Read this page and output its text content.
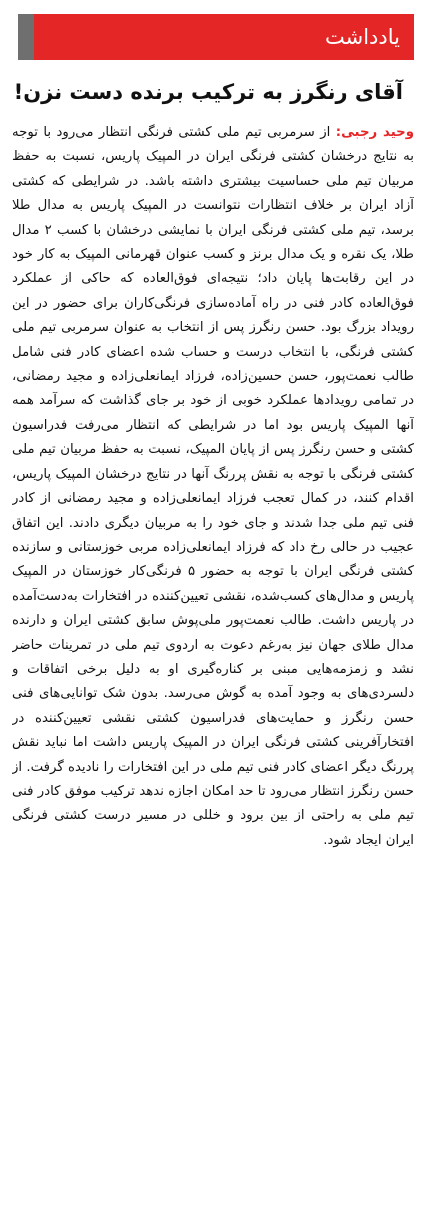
یادداشت
آقای رنگرز به ترکیب برنده دست نزن!
وحید رجبی: از سرمربی تیم ملی کشتی فرنگی انتظار می‌رود با توجه به نتایج درخشان کشتی فرنگی ایران در المپیک پاریس، نسبت به حفظ مربیان تیم ملی حساسیت بیشتری داشته باشد. در شرایطی که کشتی آزاد ایران بر خلاف انتظارات نتوانست در المپیک پاریس به مدال طلا برسد، تیم ملی کشتی فرنگی ایران با نمایشی درخشان با کسب ۲ مدال طلا، یک نقره و یک مدال برنز و کسب عنوان قهرمانی المپیک به کار خود در این رقابت‌ها پایان داد؛ نتیجه‌ای فوق‌العاده که حاکی از عملکرد فوق‌العاده کادر فنی در راه آماده‌سازی فرنگی‌کاران برای حضور در این رویداد بزرگ بود. حسن رنگرز پس از انتخاب به عنوان سرمربی تیم ملی کشتی فرنگی، با انتخاب درست و حساب شده اعضای کادر فنی شامل طالب نعمت‌پور، حسن حسین‌زاده، فرزاد ایمانعلی‌زاده و مجید رمضانی، در تمامی رویدادها عملکرد خوبی از خود بر جای گذاشت که سرآمد همه آنها المپیک پاریس بود اما در شرایطی که انتظار می‌رفت فدراسیون کشتی و حسن رنگرز پس از پایان المپیک، نسبت به حفظ مربیان تیم ملی کشتی فرنگی با توجه به نقش پررنگ آنها در نتایج درخشان المپیک پاریس، اقدام کنند، در کمال تعجب فرزاد ایمانعلی‌زاده و مجید رمضانی از کادر فنی تیم ملی جدا شدند و جای خود را به مربیان دیگری دادند. این اتفاق عجیب در حالی رخ داد که فرزاد ایمانعلی‌زاده مربی خوزستانی و سازنده کشتی فرنگی ایران با توجه به حضور ۵ فرنگی‌کار خوزستان در المپیک پاریس و مدال‌های کسب‌شده، نقشی تعیین‌کننده در افتخارات به‌دست‌آمده در پاریس داشت. طالب نعمت‌پور ملی‌پوش سابق کشتی ایران و دارنده مدال طلای جهان نیز به‌رغم دعوت به اردوی تیم ملی در تمرینات حاضر نشد و زمزمه‌هایی مبنی بر کناره‌گیری او به دلیل برخی اتفاقات و دلسردی‌های به وجود آمده به گوش می‌رسد. بدون شک توانایی‌های فنی حسن رنگرز و حمایت‌های فدراسیون کشتی نقشی تعیین‌کننده در افتخارآفرینی کشتی فرنگی ایران در المپیک پاریس داشت اما نباید نقش پررنگ دیگر اعضای کادر فنی تیم ملی در این افتخارات را نادیده گرفت. از حسن رنگرز انتظار می‌رود تا حد امکان اجازه ندهد ترکیب موفق کادر فنی تیم ملی به راحتی از بین برود و خللی در مسیر درست کشتی فرنگی ایران ایجاد شود.
